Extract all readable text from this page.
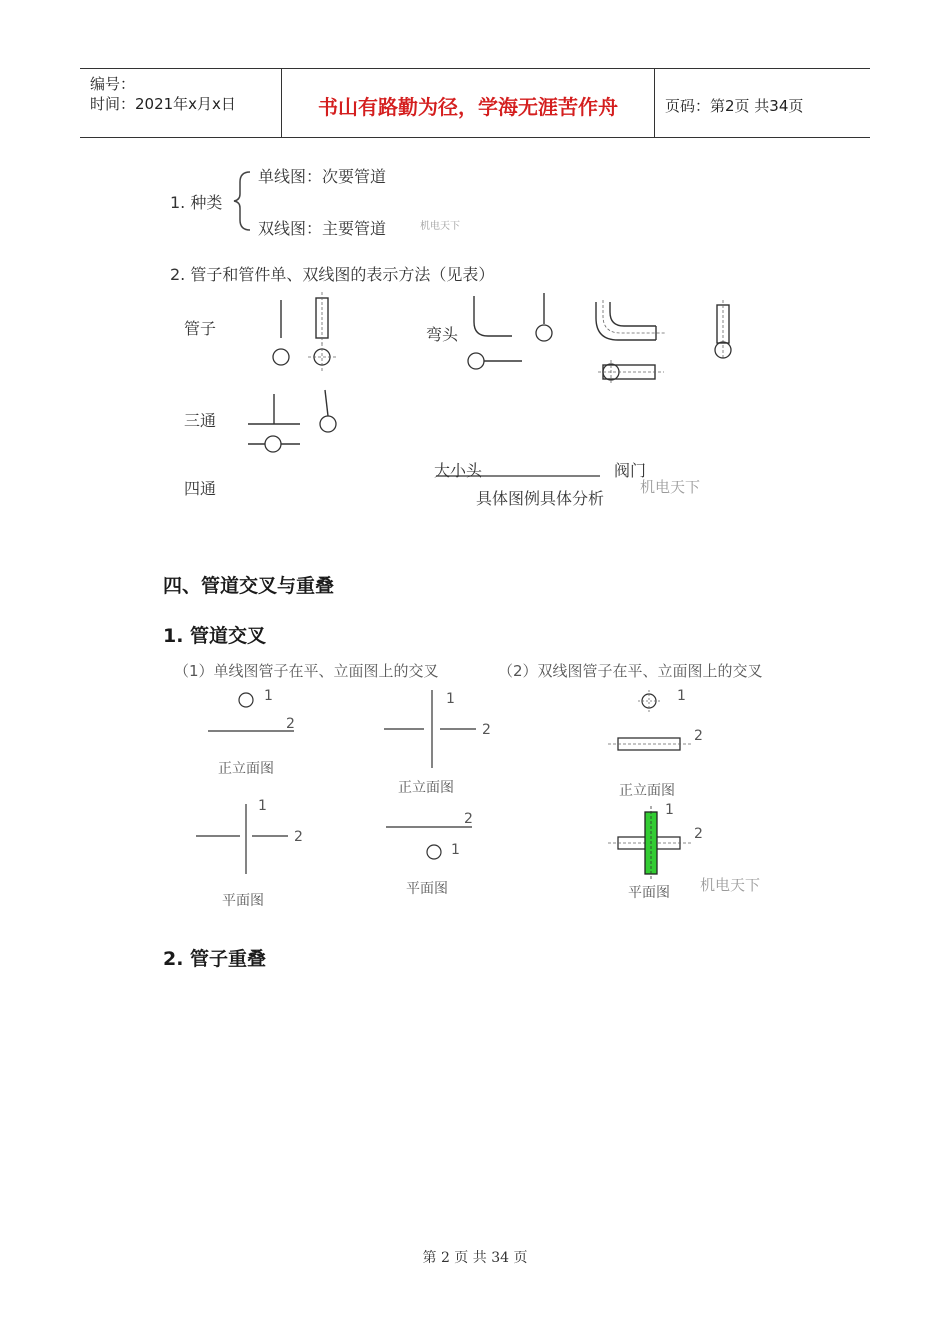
编号：
时间：2021年x月x日	书山有路勤为径，学海无涯苦作舟	页码：第2页 共34页
1. 种类
单线图：次要管道
双线图：主要管道	机电天下
2. 管子和管件单、双线图的表示方法（见表）
管子	弯头
三通
四通
大小头	阀门
具体图例具体分析
机电天下
四、管道交叉与重叠
1. 管道交叉
（1）单线图管子在平、立面图上的交叉	（2）双线图管子在平、立面图上的交叉
1
2
1
2
1
2
2
1
1
2
1
2
正立面图
正立面图	正立面图
平面图
平面图	平面图 机电天下
2. 管子重叠
第 2 页 共 34 页
